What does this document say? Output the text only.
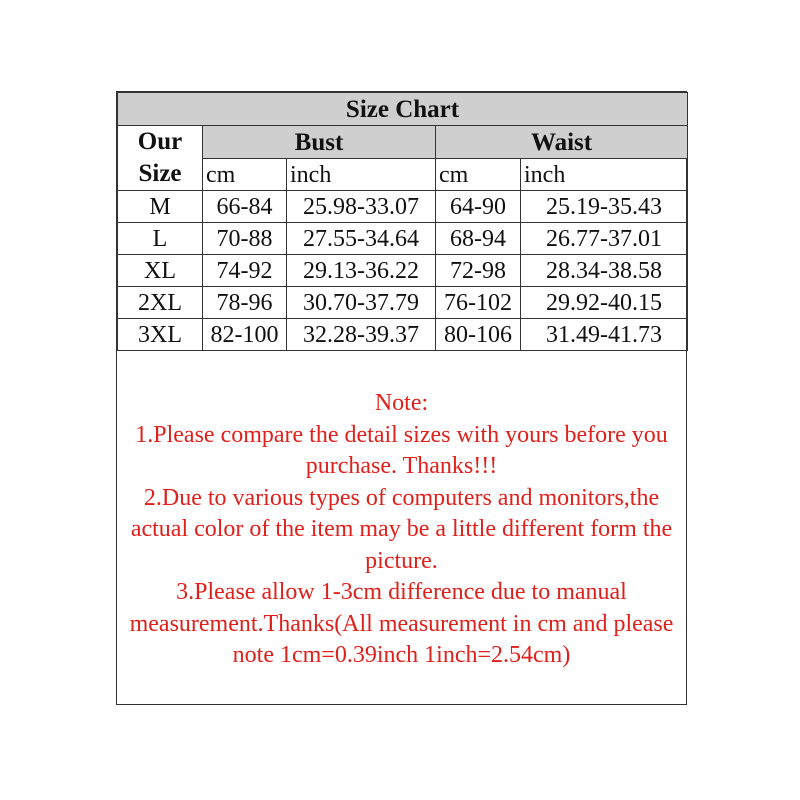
Size Chart				
Our
Size	Bust		Waist	
	cm	inch	cm	inch
M	66-84	25.98-33.07	64-90	25.19-35.43
L	70-88	27.55-34.64	68-94	26.77-37.01
XL	74-92	29.13-36.22	72-98	28.34-38.58
2XL	78-96	30.70-37.79	76-102	29.92-40.15
3XL	82-100	32.28-39.37	80-106	31.49-41.73

Note:

1.Please compare the detail sizes with yours before you

purchase. Thanks!!!

2.Due to various types of computers and monitors,the

actual color of the item may be a little different form the

picture.

3.Please allow 1-3cm difference due to manual

measurement.Thanks(All measurement in cm and please

note 1cm=0.39inch 1inch=2.54cm)
